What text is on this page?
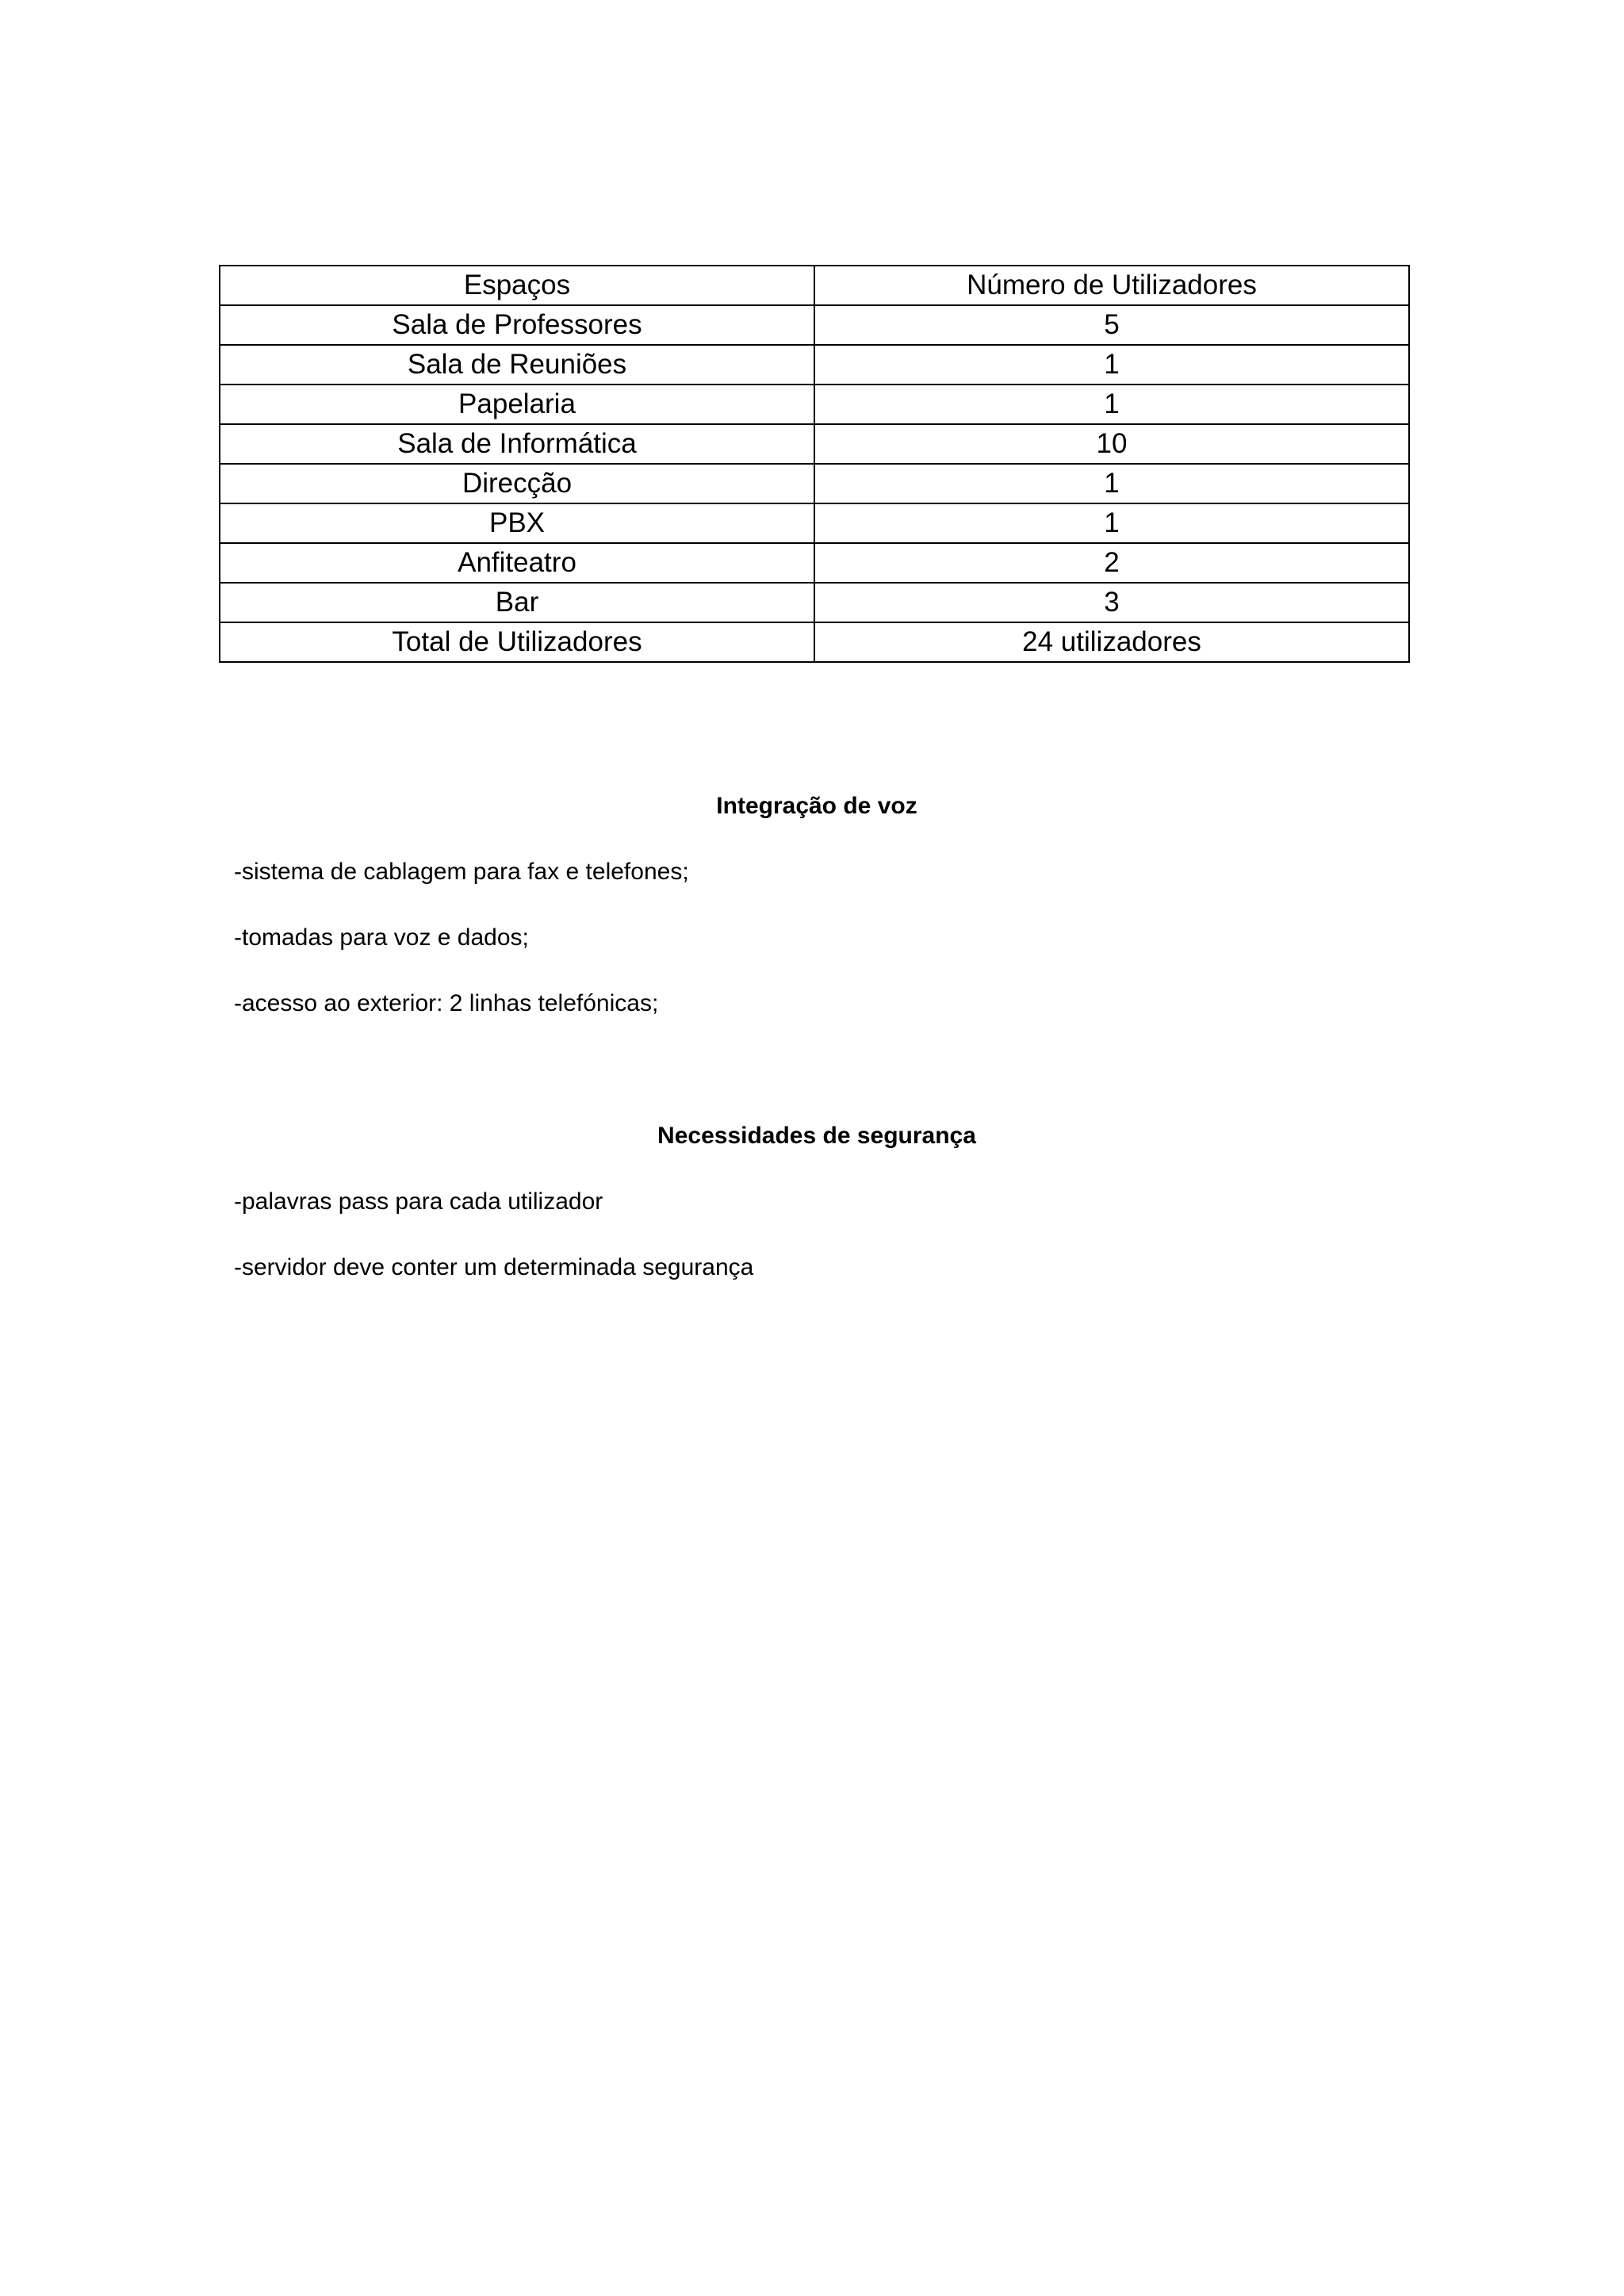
Espaços	Número de Utilizadores
Sala de Professores	5
Sala de Reuniões	1
Papelaria	1
Sala de Informática	10
Direcção	1
PBX	1
Anfiteatro	2
Bar	3
Total de Utilizadores	24 utilizadores
Integração de voz
-sistema de cablagem para fax e telefones;
-tomadas para voz e dados;
-acesso ao exterior: 2 linhas telefónicas;
Necessidades de segurança
-palavras pass para cada utilizador
-servidor deve conter um determinada segurança
